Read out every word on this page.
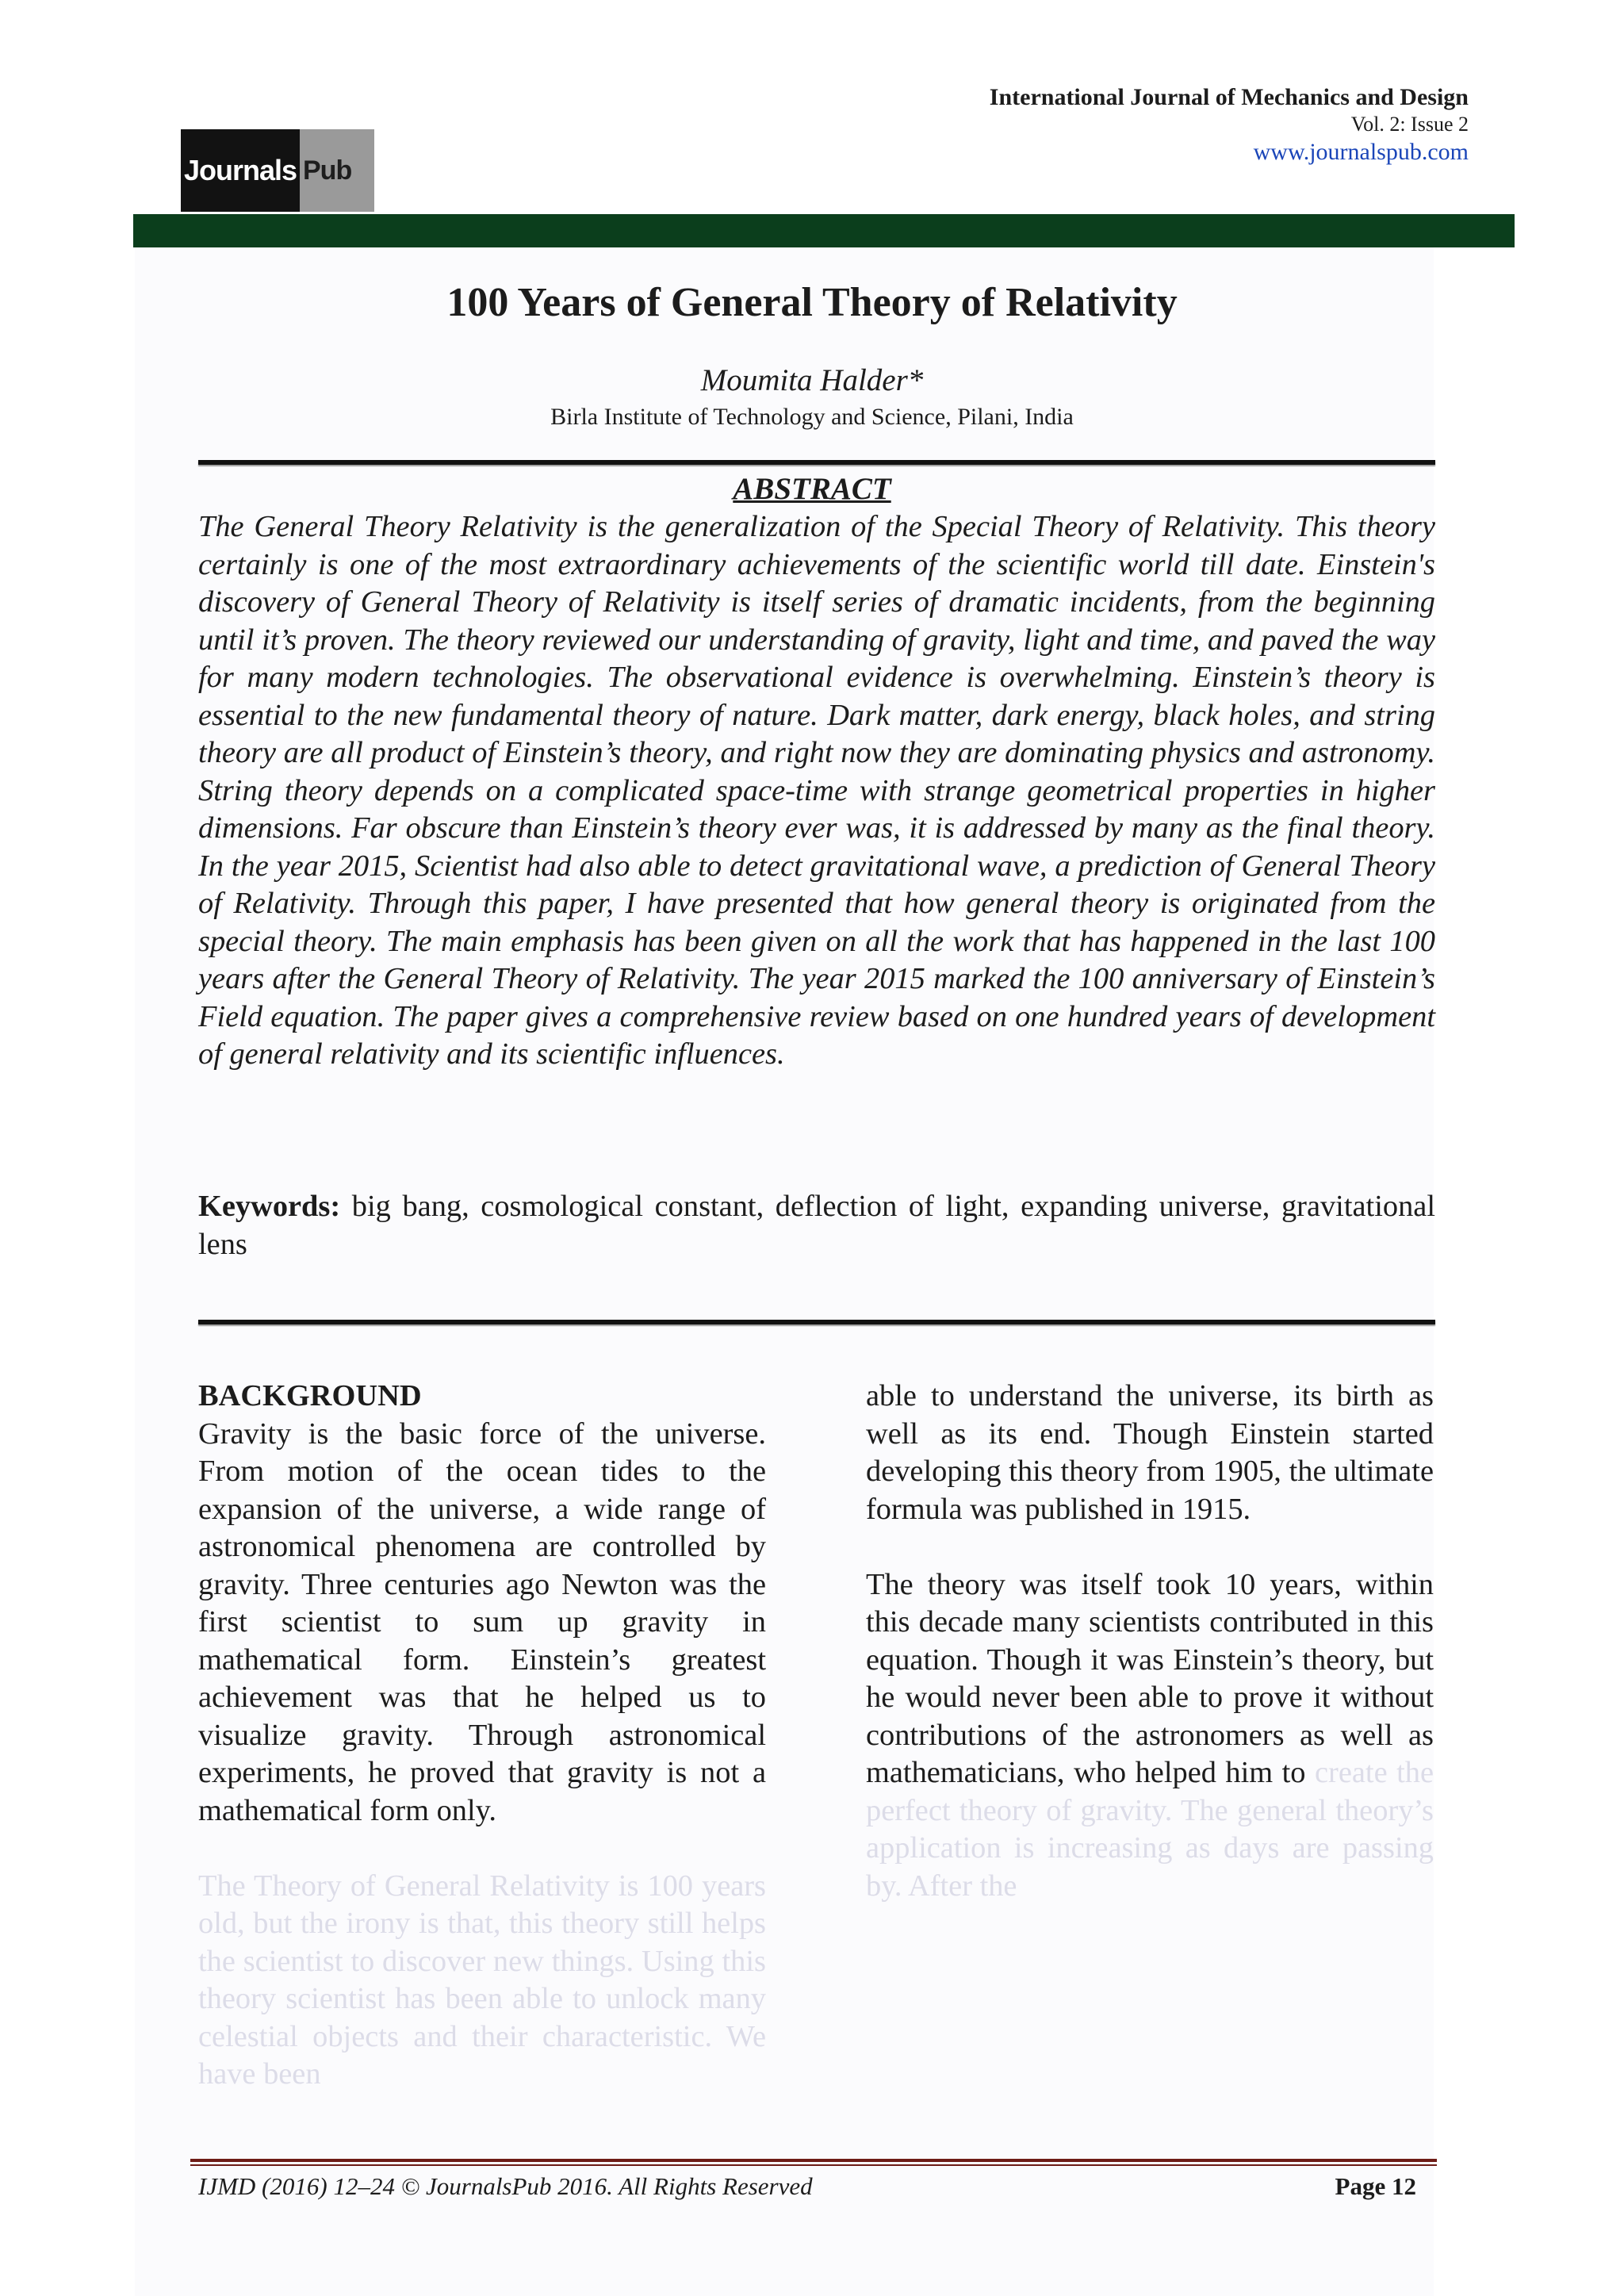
International Journal of Mechanics and Design
Vol. 2: Issue 2
www.journalspub.com
Journals Pub
100 Years of General Theory of Relativity
Moumita Halder*
Birla Institute of Technology and Science, Pilani, India
ABSTRACT
The General Theory Relativity is the generalization of the Special Theory of Relativity. This theory certainly is one of the most extraordinary achievements of the scientific world till date. Einstein's discovery of General Theory of Relativity is itself series of dramatic incidents, from the beginning until it’s proven. The theory reviewed our understanding of gravity, light and time, and paved the way for many modern technologies. The observational evidence is overwhelming. Einstein’s theory is essential to the new fundamental theory of nature. Dark matter, dark energy, black holes, and string theory are all product of Einstein’s theory, and right now they are dominating physics and astronomy. String theory depends on a complicated space-time with strange geometrical properties in higher dimensions. Far obscure than Einstein’s theory ever was, it is addressed by many as the final theory. In the year 2015, Scientist had also able to detect gravitational wave, a prediction of General Theory of Relativity. Through this paper, I have presented that how general theory is originated from the special theory. The main emphasis has been given on all the work that has happened in the last 100 years after the General Theory of Relativity. The year 2015 marked the 100 anniversary of Einstein’s Field equation. The paper gives a comprehensive review based on one hundred years of development of general relativity and its scientific influences.
Keywords: big bang, cosmological constant, deflection of light, expanding universe, gravitational lens
BACKGROUND
Gravity is the basic force of the universe. From motion of the ocean tides to the expansion of the universe, a wide range of astronomical phenomena are controlled by gravity. Three centuries ago Newton was the first scientist to sum up gravity in mathematical form. Einstein’s greatest achievement was that he helped us to visualize gravity. Through astronomical experiments, he proved that gravity is not a mathematical form only.
The Theory of General Relativity is 100 years old, but the irony is that, this theory still helps the scientist to discover new things. Using this theory scientist has been able to unlock many celestial objects and their characteristic. We have been
able to understand the universe, its birth as well as its end. Though Einstein started developing this theory from 1905, the ultimate formula was published in 1915.
The theory was itself took 10 years, within this decade many scientists contributed in this equation. Though it was Einstein’s theory, but he would never been able to prove it without contributions of the astronomers as well as mathematicians, who helped him to create the perfect theory of gravity. The general theory’s application is increasing as days are passing by. After the
IJMD (2016) 12–24 © JournalsPub 2016. All Rights Reserved	Page 12
